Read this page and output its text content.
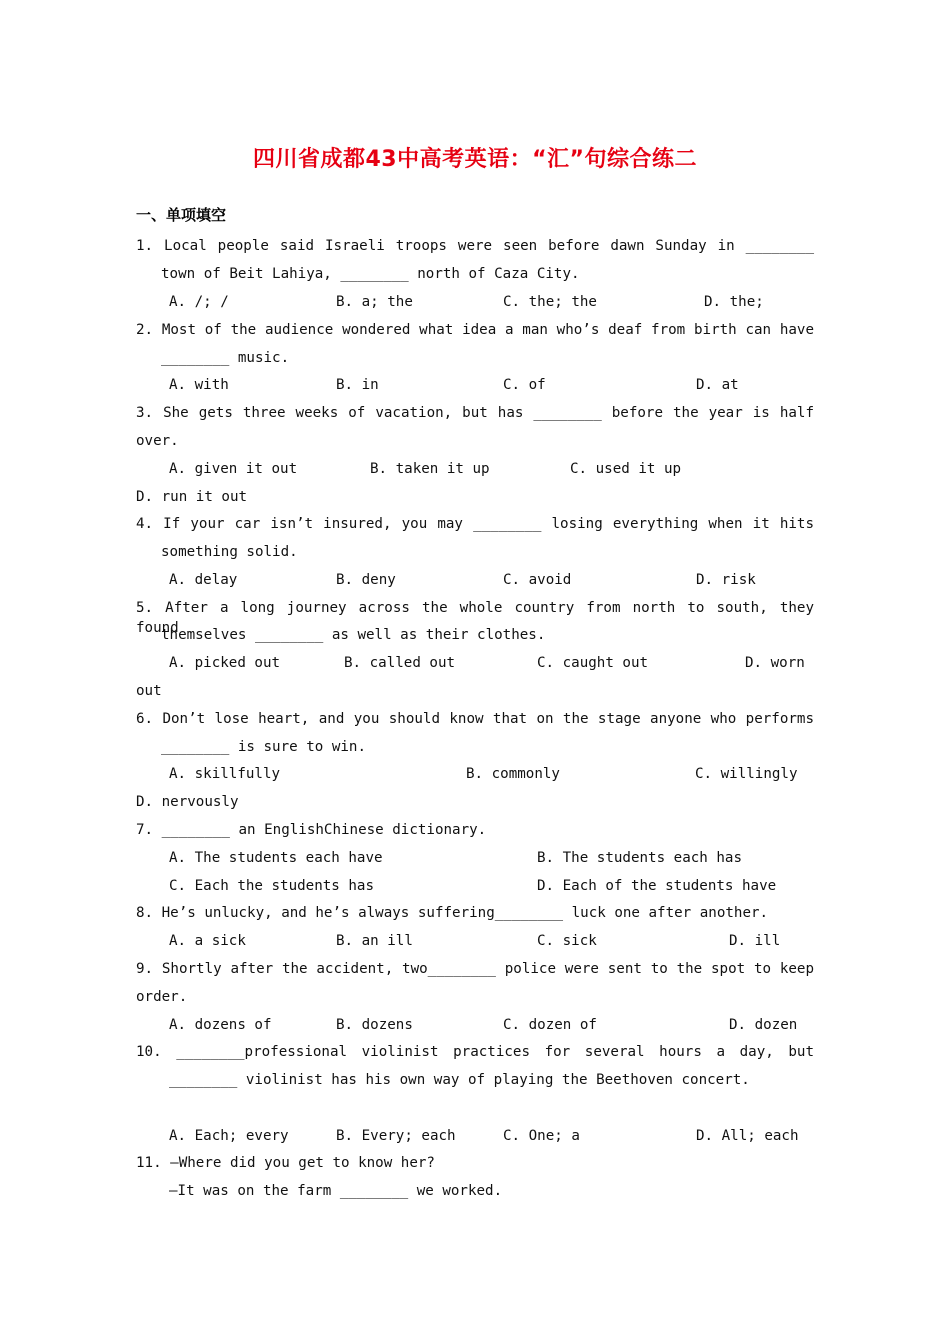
四川省成都43中高考英语：“汇”句综合练二
一、单项填空
1. Local people said Israeli troops were seen before dawn Sunday in ________
town of Beit Lahiya, ________ north of Caza City.
A. /; /	B. a; the	C. the; the	D. the;
2. Most of the audience wondered what idea a man who’s deaf from birth can have
________ music.
A. with	B. in	C. of	D. at
3. She gets three weeks of vacation, but has ________ before the year is half
over.
A. given it out	B. taken it up	C. used it up
D. run it out
4. If your car isn’t insured, you may ________ losing everything when it hits
something solid.
A. delay	B. deny	C. avoid	D. risk
5. After a long journey across the whole country from north to south, they found
themselves ________ as well as their clothes.
A. picked out	B. called out	C. caught out	D. worn
out
6. Don’t lose heart, and you should know that on the stage anyone who performs
________ is sure to win.
A. skillfully	B. commonly	C. willingly
D. nervously
7. ________ an EnglishChinese dictionary.
A. The students each have	B. The students each has
C. Each the students has	D. Each of the students have
8. He’s unlucky, and he’s always suffering________ luck one after another.
A. a sick	B. an ill	C. sick	D. ill
9. Shortly after the accident, two________ police were sent to the spot to keep
order.
A. dozens of	B. dozens	C. dozen of	D. dozen
10. ________professional violinist practices for several hours a day, but
________ violinist has his own way of playing the Beethoven concert.
A. Each; every	B. Every; each	C. One; a	D. All; each
11. —Where did you get to know her?
—It was on the farm ________ we worked.
